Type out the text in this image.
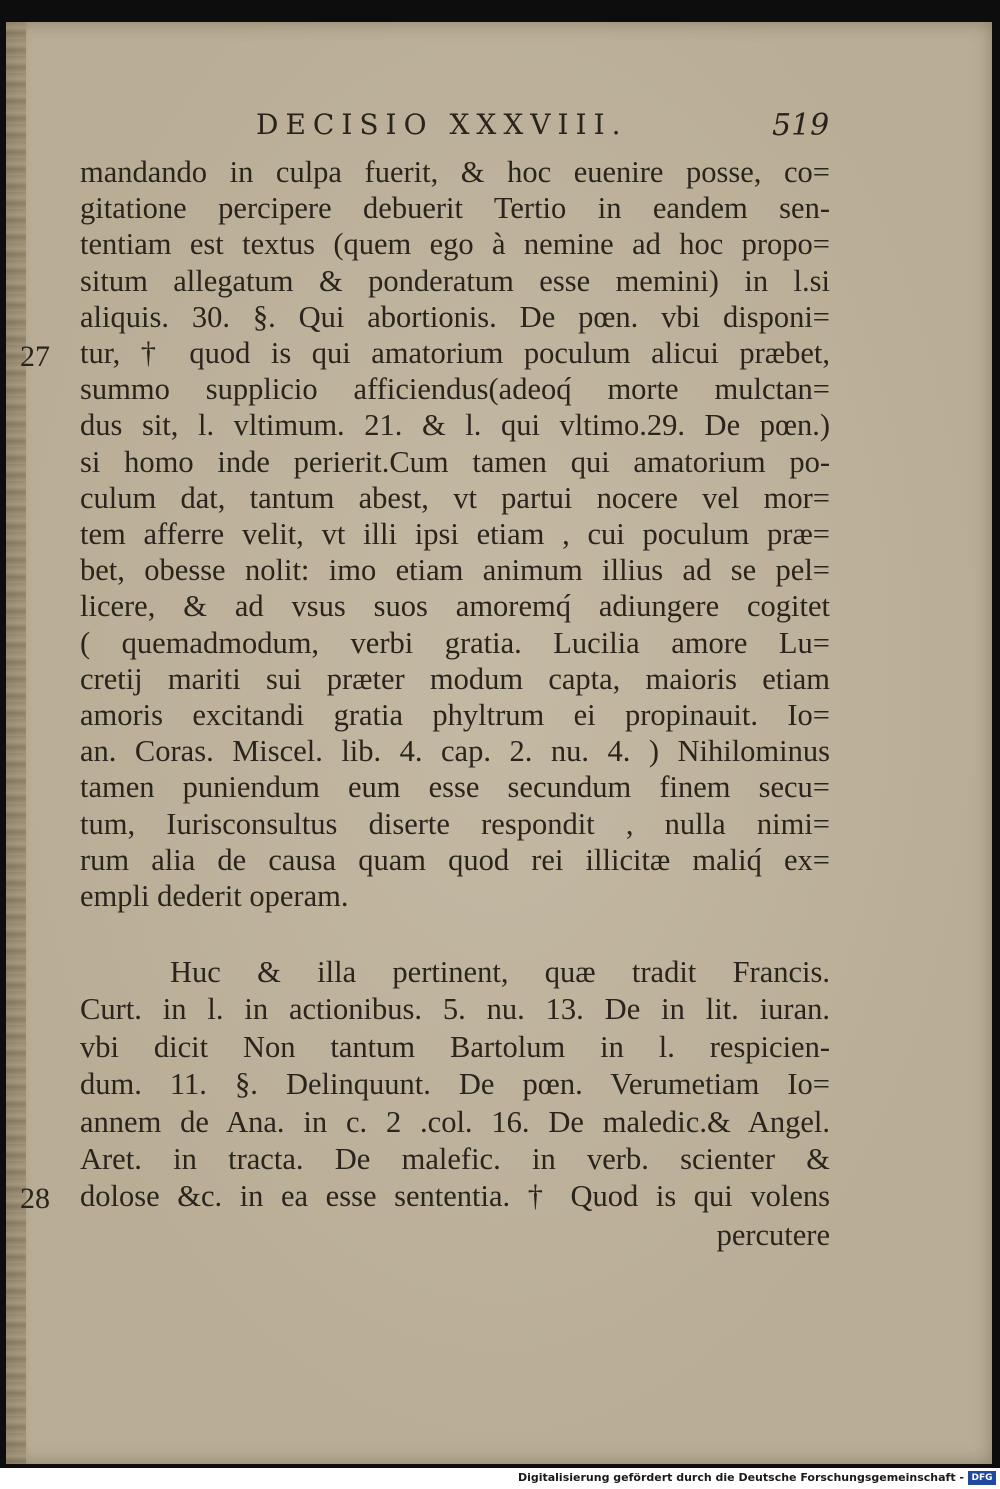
DECISIO XXXVIII.	519
mandando in culpa fuerit, & hoc euenire posse, co=
gitatione percipere debuerit Tertio in eandem sen-
tentiam est textus (quem ego à nemine ad hoc propo=
situm allegatum & ponderatum esse memini) in l.si
aliquis. 30. §. Qui abortionis. De pœn. vbi disponi=
tur, † quod is qui amatorium poculum alicui præbet,
summo supplicio afficiendus(adeoq́ morte mulctan=
dus sit, l. vltimum. 21. & l. qui vltimo.29. De pœn.)
si homo inde perierit.Cum tamen qui amatorium po-
culum dat, tantum abest, vt partui nocere vel mor=
tem afferre velit, vt illi ipsi etiam , cui poculum præ=
bet, obesse nolit: imo etiam animum illius ad se pel=
licere, & ad vsus suos amoremq́ adiungere cogitet
( quemadmodum, verbi gratia. Lucilia amore Lu=
cretij mariti sui præter modum capta, maioris etiam
amoris excitandi gratia phyltrum ei propinauit. Io=
an. Coras. Miscel. lib. 4. cap. 2. nu. 4. ) Nihilominus
tamen puniendum eum esse secundum finem secu=
tum, Iurisconsultus diserte respondit , nulla nimi=
rum alia de causa quam quod rei illicitæ maliq́ ex=
empli dederit operam.
Huc & illa pertinent, quæ tradit Francis.
Curt. in l. in actionibus. 5. nu. 13. De in lit. iuran.
vbi dicit Non tantum Bartolum in l. respicien-
dum. 11. §. Delinquunt. De pœn. Verumetiam Io=
annem de Ana. in c. 2 .col. 16. De maledic.& Angel.
Aret. in tracta. De malefic. in verb. scienter &
dolose &c. in ea esse sententia. † Quod is qui volens
27
28
percutere
Digitalisierung gefördert durch die Deutsche Forschungsgemeinschaft - DFG
